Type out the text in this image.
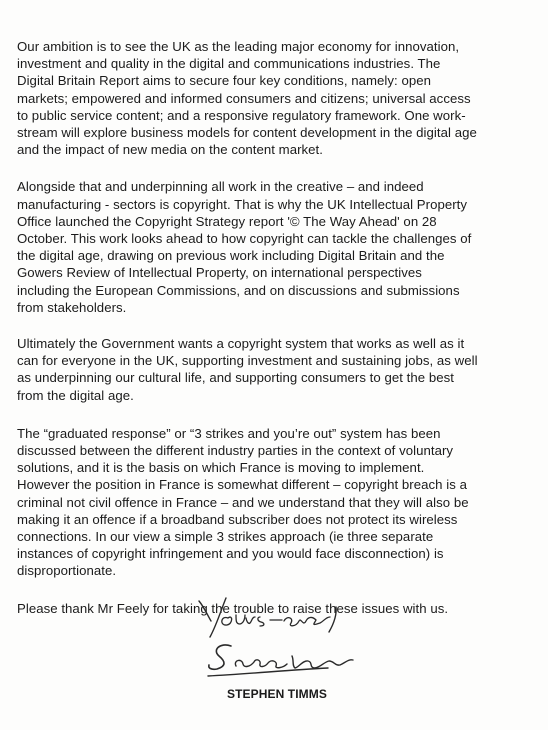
Our ambition is to see the UK as the leading major economy for innovation,
investment and quality in the digital and communications industries. The
Digital Britain Report aims to secure four key conditions, namely: open
markets; empowered and informed consumers and citizens; universal access
to public service content; and a responsive regulatory framework. One work-
stream will explore business models for content development in the digital age
and the impact of new media on the content market.

Alongside that and underpinning all work in the creative – and indeed
manufacturing - sectors is copyright. That is why the UK Intellectual Property
Office launched the Copyright Strategy report '© The Way Ahead' on 28
October. This work looks ahead to how copyright can tackle the challenges of
the digital age, drawing on previous work including Digital Britain and the
Gowers Review of Intellectual Property, on international perspectives
including the European Commissions, and on discussions and submissions
from stakeholders.

Ultimately the Government wants a copyright system that works as well as it
can for everyone in the UK, supporting investment and sustaining jobs, as well
as underpinning our cultural life, and supporting consumers to get the best
from the digital age.

The “graduated response” or “3 strikes and you’re out” system has been
discussed between the different industry parties in the context of voluntary
solutions, and it is the basis on which France is moving to implement.
However the position in France is somewhat different – copyright breach is a
criminal not civil offence in France – and we understand that they will also be
making it an offence if a broadband subscriber does not protect its wireless
connections. In our view a simple 3 strikes approach (ie three separate
instances of copyright infringement and you would face disconnection) is
disproportionate.

Please thank Mr Feely for taking the trouble to raise these issues with us.

STEPHEN TIMMS
